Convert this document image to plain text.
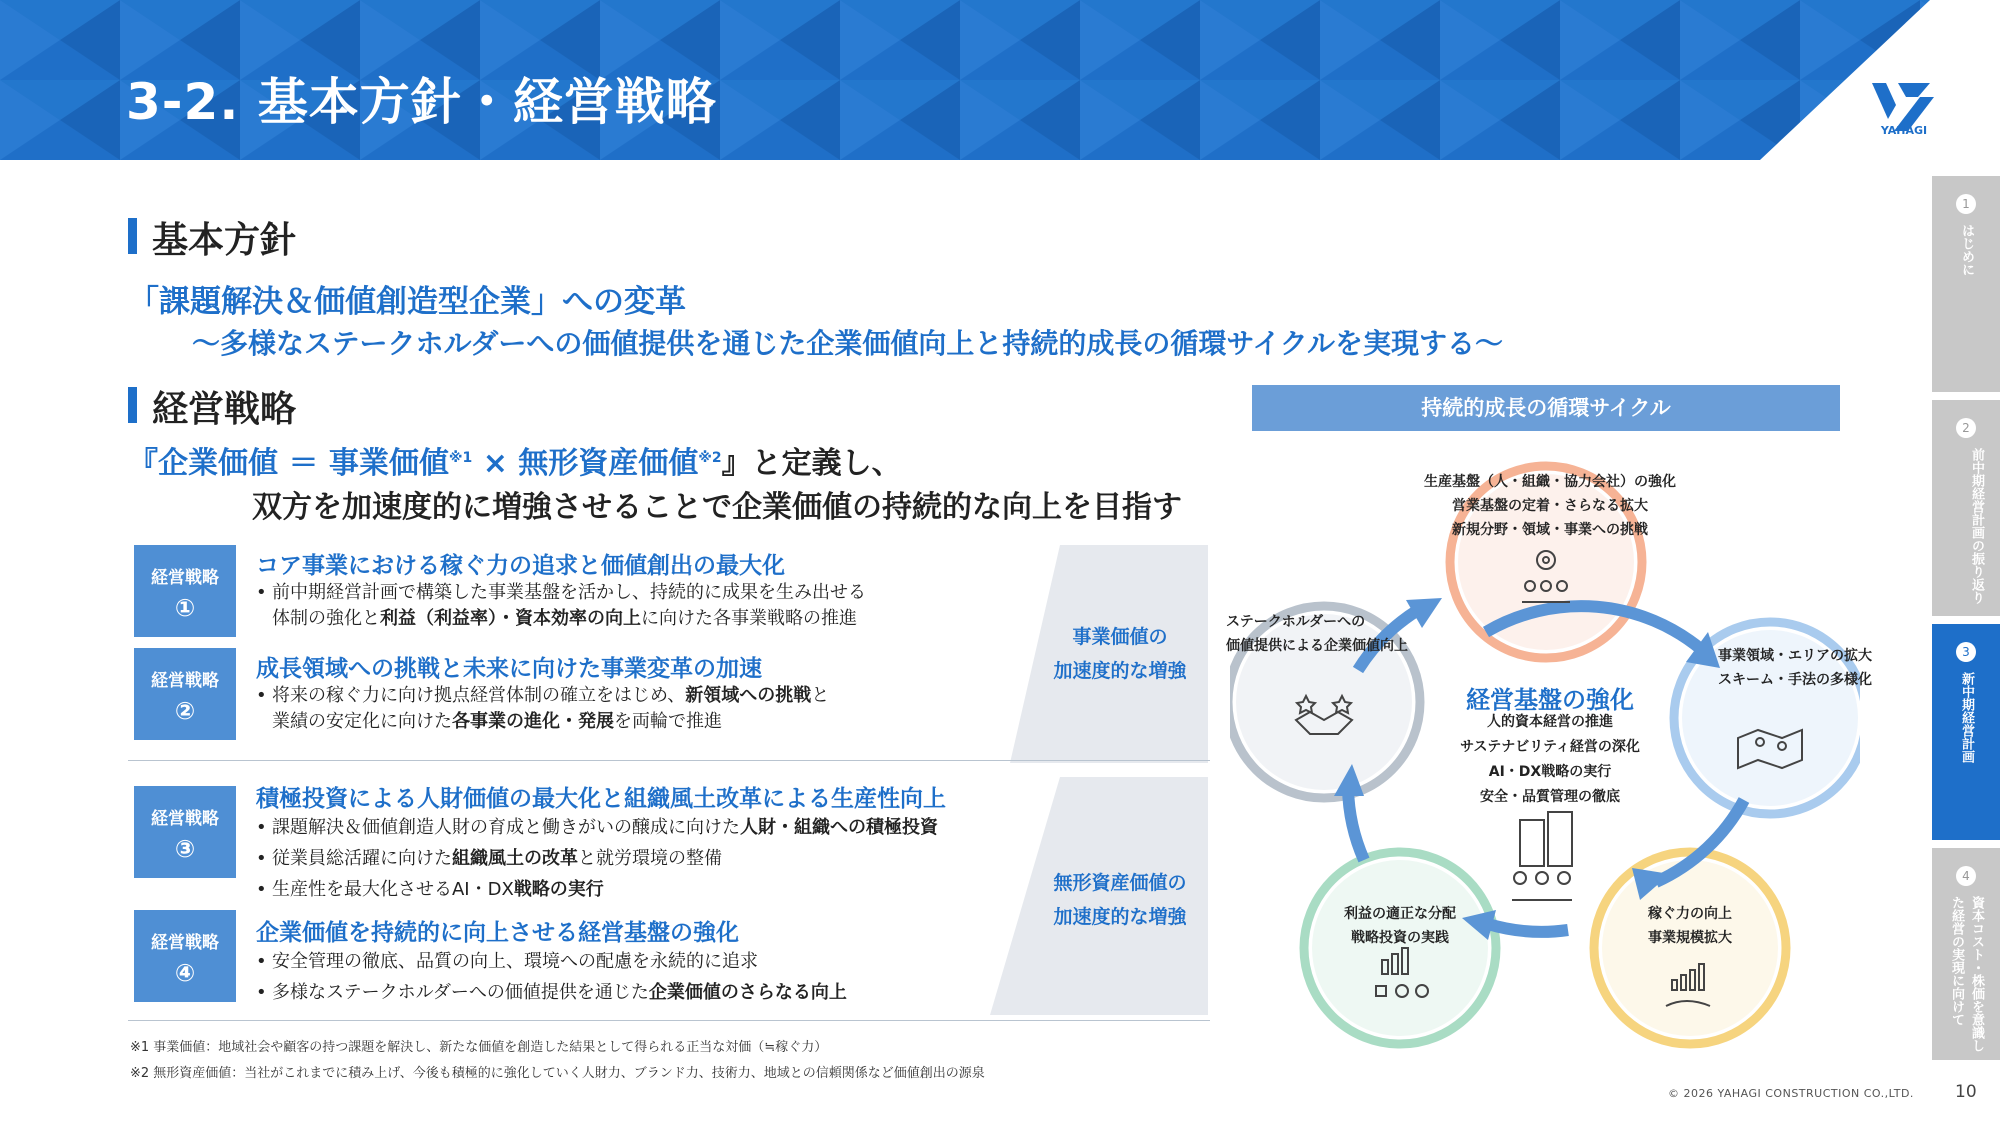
3-2. 基本方針・経営戦略	YAHAGI
基本方針
「課題解決＆価値創造型企業」への変革
～多様なステークホルダーへの価値提供を通じた企業価値向上と持続的成長の循環サイクルを実現する～
経営戦略
『企業価値 ＝ 事業価値$^{※1}$ × 無形資産価値$^{※2}$』と定義し、
双方を加速度的に増強させることで企業価値の持続的な向上を目指す
経営戦略
①
コア事業における稼ぐ力の追求と価値創出の最大化
• 前中期経営計画で構築した事業基盤を活かし、持続的に成果を生み出せる
体制の強化と利益（利益率）・資本効率の向上に向けた各事業戦略の推進
経営戦略
②
成長領域への挑戦と未来に向けた事業変革の加速
• 将来の稼ぐ力に向け拠点経営体制の確立をはじめ、新領域への挑戦と
業績の安定化に向けた各事業の進化・発展を両輪で推進
事業価値の
加速度的な増強
経営戦略
③
積極投資による人財価値の最大化と組織風土改革による生産性向上
• 課題解決＆価値創造人財の育成と働きがいの醸成に向けた人財・組織への積極投資
• 従業員総活躍に向けた組織風土の改革と就労環境の整備
• 生産性を最大化させるAI・DX戦略の実行
経営戦略
④
企業価値を持続的に向上させる経営基盤の強化
• 安全管理の徹底、品質の向上、環境への配慮を永続的に追求
• 多様なステークホルダーへの価値提供を通じた企業価値のさらなる向上
無形資産価値の
加速度的な増強
※1 事業価値：地域社会や顧客の持つ課題を解決し、新たな価値を創造した結果として得られる正当な対価（≒稼ぐ力）
※2 無形資産価値：当社がこれまでに積み上げ、今後も積極的に強化していく人財力、ブランド力、技術力、地域との信頼関係など価値創出の源泉
持続的成長の循環サイクル
生産基盤（人・組織・協力会社）の強化
営業基盤の定着・さらなる拡大
新規分野・領域・事業への挑戦
事業領域・エリアの拡大
スキーム・手法の多様化
稼ぐ力の向上
事業規模拡大
利益の適正な分配
戦略投資の実践
ステークホルダーへの
価値提供による企業価値向上
経営基盤の強化
人的資本経営の推進
サステナビリティ経営の深化
AI・DX戦略の実行
安全・品質管理の徹底
1
はじめに
2
前中期経営計画の振り返り
3
新中期経営計画
4
資本コスト・株価を意識した経営の実現に向けて
© 2026 YAHAGI CONSTRUCTION CO.,LTD. 10
